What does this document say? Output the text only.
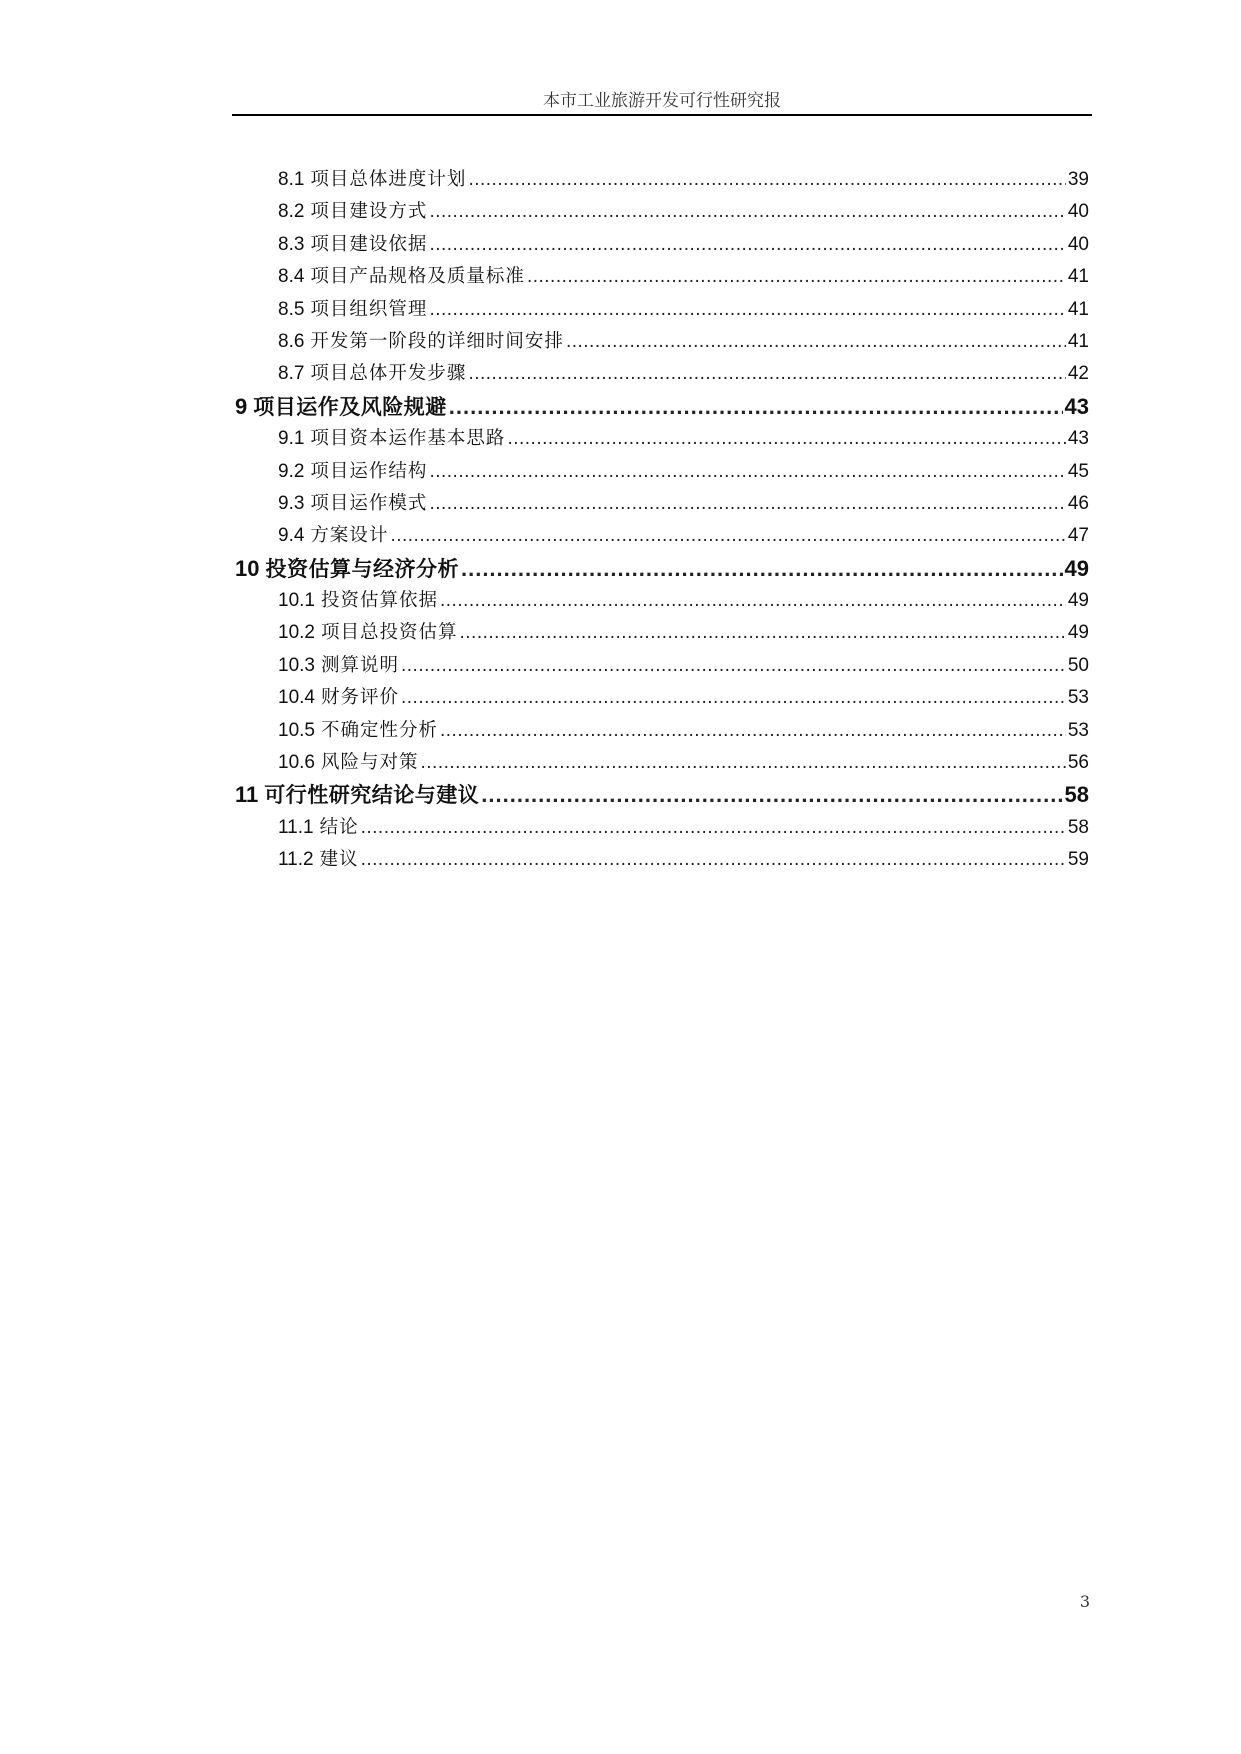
本市工业旅游开发可行性研究报
8.1 项目总体进度计划 .....	39
8.2 项目建设方式 .....	40
8.3 项目建设依据 .....	40
8.4 项目产品规格及质量标准 .....	41
8.5 项目组织管理 .....	41
8.6 开发第一阶段的详细时间安排 .....	41
8.7 项目总体开发步骤 .....	42
9 项目运作及风险规避 .....	43
9.1 项目资本运作基本思路 .....	43
9.2 项目运作结构 .....	45
9.3 项目运作模式 .....	46
9.4 方案设计 .....	47
10 投资估算与经济分析 .....	49
10.1 投资估算依据 .....	49
10.2 项目总投资估算 .....	49
10.3 测算说明 .....	50
10.4 财务评价 .....	53
10.5 不确定性分析 .....	53
10.6 风险与对策 .....	56
11 可行性研究结论与建议 .....	58
11.1 结论 .....	58
11.2 建议 .....	59
3
